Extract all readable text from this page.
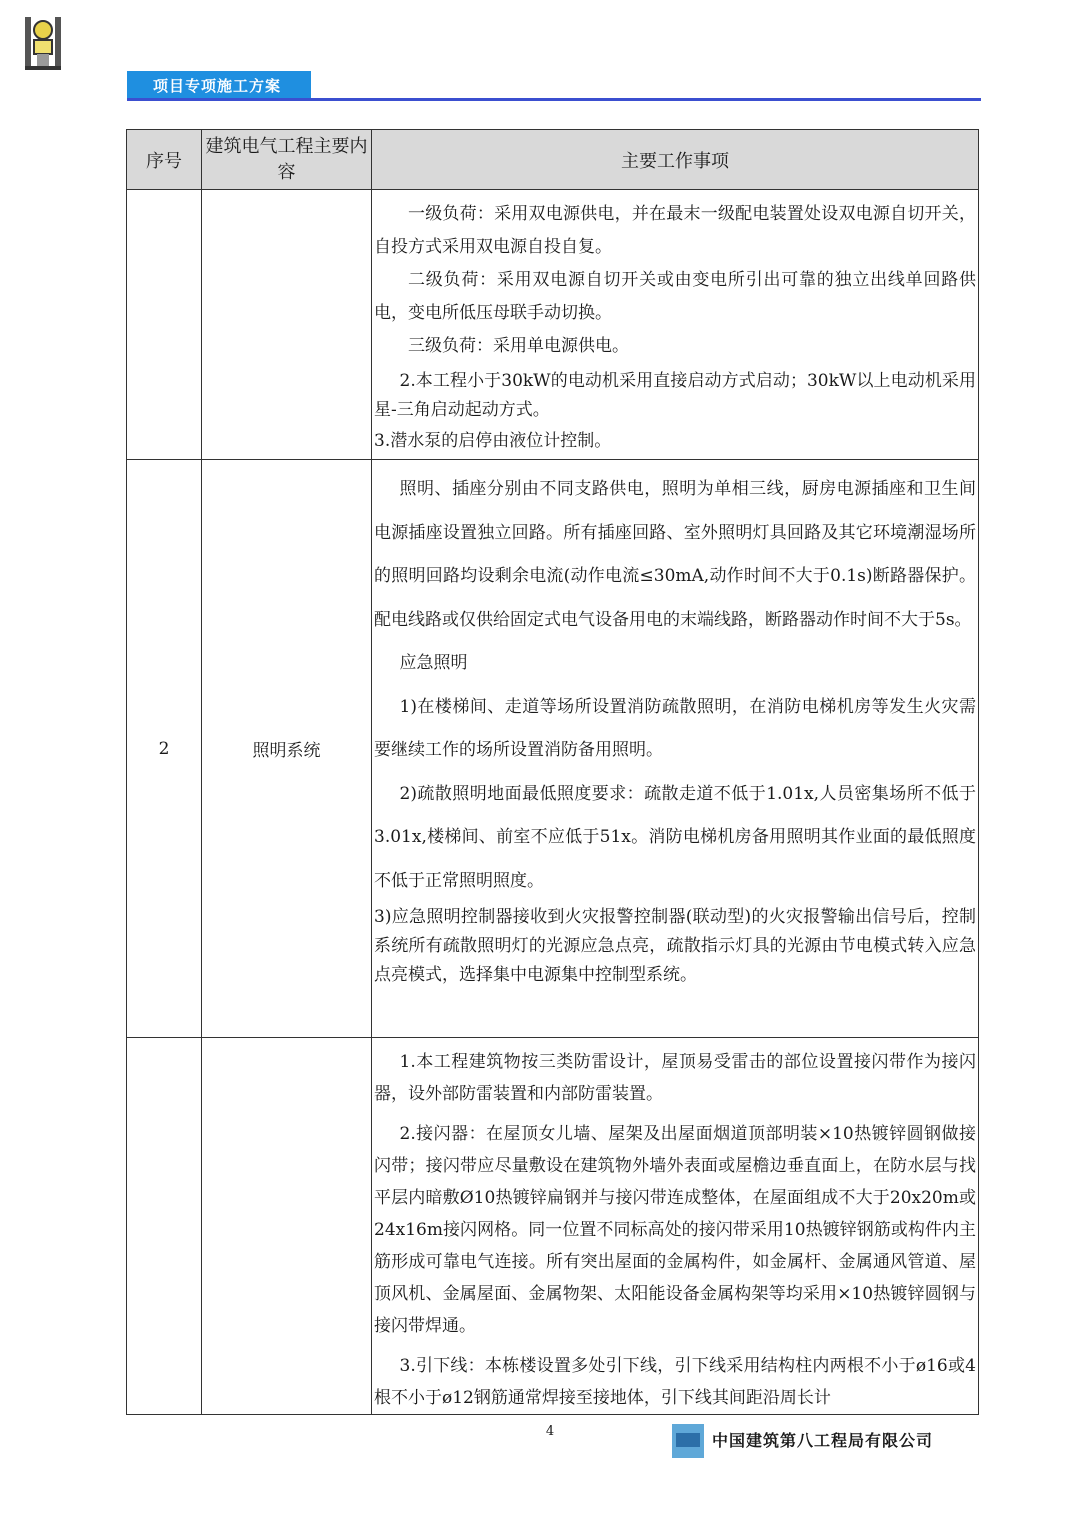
项目专项施工方案
序号	建筑电气工程主要内容	主要工作事项

		一级负荷：采用双电源供电，并在最末一级配电装置处设双电源自切开关，自投方式采用双电源自投自复。

二级负荷：采用双电源自切开关或由变电所引出可靠的独立出线单回路供电，变电所低压母联手动切换。

三级负荷：采用单电源供电。

2.本工程小于30kW的电动机采用直接启动方式启动；30kW以上电动机采用星-三角启动起动方式。

3.潜水泵的启停由液位计控制。

2	照明系统	照明、插座分别由不同支路供电，照明为单相三线，厨房电源插座和卫生间电源插座设置独立回路。所有插座回路、室外照明灯具回路及其它环境潮湿场所的照明回路均设剩余电流(动作电流≤30mA,动作时间不大于0.1s)断路器保护。配电线路或仅供给固定式电气设备用电的末端线路，断路器动作时间不大于5s。

应急照明

1)在楼梯间、走道等场所设置消防疏散照明，在消防电梯机房等发生火灾需要继续工作的场所设置消防备用照明。

2)疏散照明地面最低照度要求：疏散走道不低于1.01x,人员密集场所不低于3.01x,楼梯间、前室不应低于51x。消防电梯机房备用照明其作业面的最低照度不低于正常照明照度。

3)应急照明控制器接收到火灾报警控制器(联动型)的火灾报警输出信号后，控制系统所有疏散照明灯的光源应急点亮，疏散指示灯具的光源由节电模式转入应急点亮模式，选择集中电源集中控制型系统。

		1.本工程建筑物按三类防雷设计，屋顶易受雷击的部位设置接闪带作为接闪器，设外部防雷装置和内部防雷装置。

2.接闪器：在屋顶女儿墙、屋架及出屋面烟道顶部明装×10热镀锌圆钢做接闪带；接闪带应尽量敷设在建筑物外墙外表面或屋檐边垂直面上，在防水层与找平层内暗敷Ø10热镀锌扁钢并与接闪带连成整体，在屋面组成不大于20x20m或24x16m接闪网格。同一位置不同标高处的接闪带采用10热镀锌钢筋或构件内主筋形成可靠电气连接。所有突出屋面的金属构件，如金属杆、金属通风管道、屋顶风机、金属屋面、金属物架、太阳能设备金属构架等均采用×10热镀锌圆钢与接闪带焊通。

3.引下线：本栋楼设置多处引下线，引下线采用结构柱内两根不小于ø16或4根不小于ø12钢筋通常焊接至接地体，引下线其间距沿周长计

4	中国建筑第八工程局有限公司
